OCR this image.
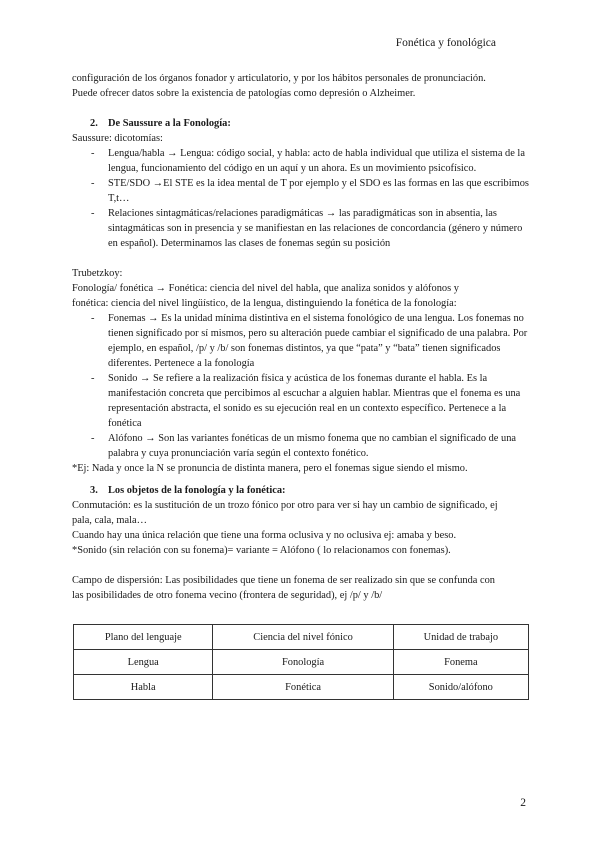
Fonética y fonológica

configuración de los órganos fonador y articulatorio, y por los hábitos personales de pronunciación.

Puede ofrecer datos sobre la existencia de patologías como depresión o Alzheimer.

2. De Saussure a la Fonología:

Saussure: dicotomías:

- Lengua/habla → Lengua: código social, y habla: acto de habla individual que utiliza el sistema de la lengua, funcionamiento del código en un aquí y un ahora. Es un movimiento psicofísico.
- STE/SDO →El STE es la idea mental de T por ejemplo y el SDO es las formas en las que escribimos T,t…
- Relaciones sintagmáticas/relaciones paradigmáticas → las paradigmáticas son in absentia, las sintagmáticas son in presencia y se manifiestan en las relaciones de concordancia (género y número en español). Determinamos las clases de fonemas según su posición

Trubetzkoy:

Fonología/ fonética → Fonética: ciencia del nivel del habla, que analiza sonidos y alófonos y

fonética: ciencia del nivel lingüístico, de la lengua, distinguiendo la fonética de la fonología:

- Fonemas → Es la unidad mínima distintiva en el sistema fonológico de una lengua. Los fonemas no tienen significado por sí mismos, pero su alteración puede cambiar el significado de una palabra. Por ejemplo, en español, /p/ y /b/ son fonemas distintos, ya que “pata” y “bata” tienen significados diferentes. Pertenece a la fonología
- Sonido → Se refiere a la realización física y acústica de los fonemas durante el habla. Es la manifestación concreta que percibimos al escuchar a alguien hablar. Mientras que el fonema es una representación abstracta, el sonido es su ejecución real en un contexto específico. Pertenece a la fonética
- Alófono → Son las variantes fonéticas de un mismo fonema que no cambian el significado de una palabra y cuya pronunciación varía según el contexto fonético.

*Ej: Nada y once la N se pronuncia de distinta manera, pero el fonemas sigue siendo el mismo.

3. Los objetos de la fonología y la fonética:

Conmutación: es la sustitución de un trozo fónico por otro para ver si hay un cambio de significado, ej

pala, cala, mala…

Cuando hay una única relación que tiene una forma oclusiva y no oclusiva ej: amaba y beso.

*Sonido (sin relación con su fonema)= variante = Alófono ( lo relacionamos con fonemas).

Campo de dispersión: Las posibilidades que tiene un fonema de ser realizado sin que se confunda con

las posibilidades de otro fonema vecino (frontera de seguridad), ej /p/ y /b/

Plano del lenguaje	Ciencia del nivel fónico	Unidad de trabajo
Lengua	Fonología	Fonema
Habla	Fonética	Sonido/alófono
2
